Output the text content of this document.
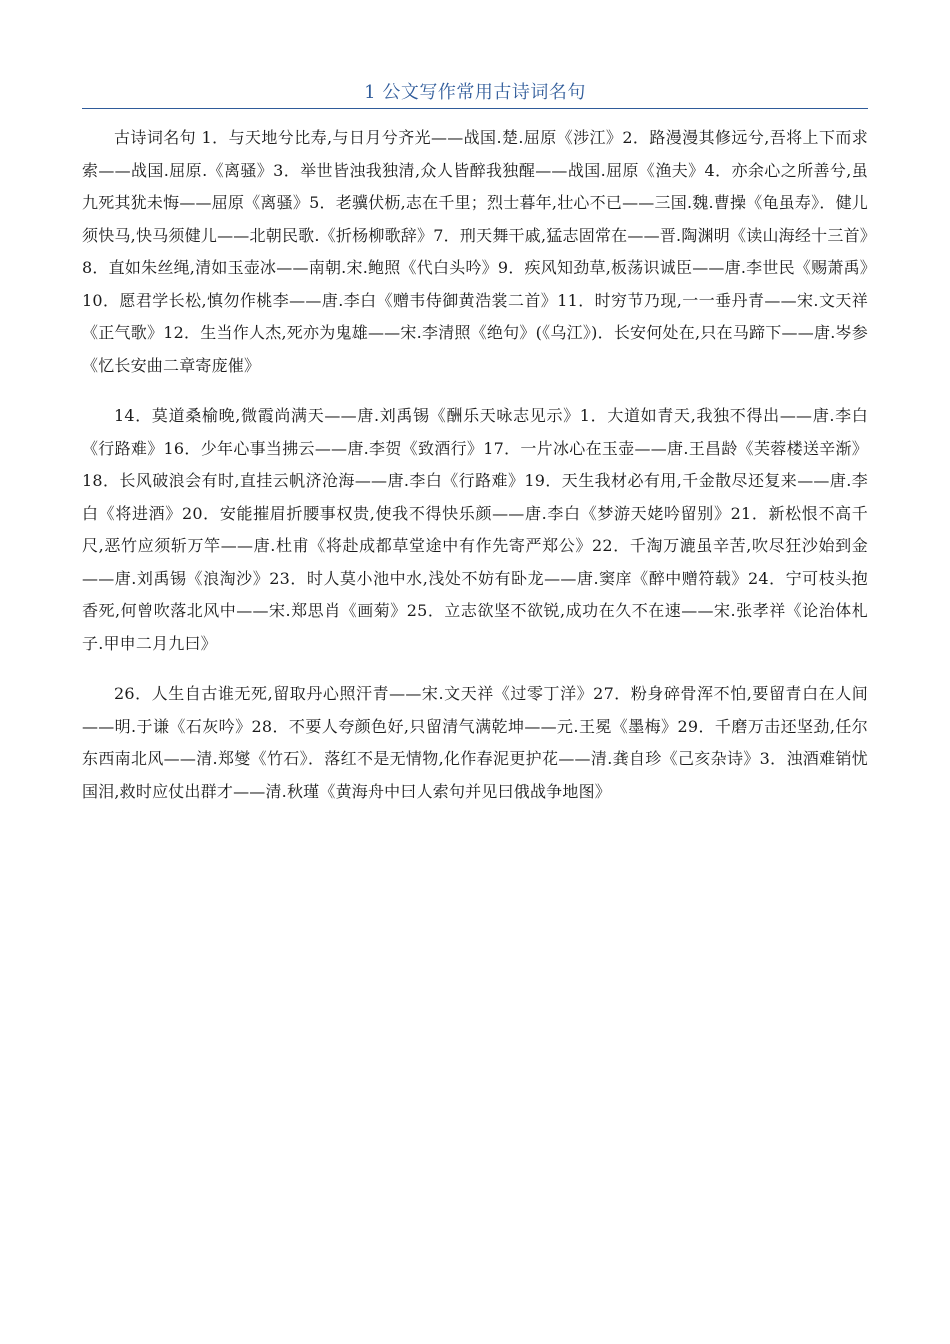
1 公文写作常用古诗词名句

古诗词名句 1．与天地兮比寿,与日月兮齐光——战国.楚.屈原《涉江》2．路漫漫其修远兮,吾将上下而求索——战国.屈原.《离骚》3．举世皆浊我独清,众人皆醉我独醒——战国.屈原《渔夫》4．亦余心之所善兮,虽九死其犹未悔——屈原《离骚》5．老骥伏枥,志在千里；烈士暮年,壮心不已——三国.魏.曹操《龟虽寿》．健儿须快马,快马须健儿——北朝民歌.《折杨柳歌辞》7．刑天舞干戚,猛志固常在——晋.陶渊明《读山海经十三首》8．直如朱丝绳,清如玉壶冰——南朝.宋.鲍照《代白头吟》9．疾风知劲草,板荡识诚臣——唐.李世民《赐萧禹》10．愿君学长松,慎勿作桃李——唐.李白《赠韦侍御黄浩裳二首》11．时穷节乃现,一一垂丹青——宋.文天祥《正气歌》12．生当作人杰,死亦为鬼雄——宋.李清照《绝句》(《乌江》)．长安何处在,只在马蹄下——唐.岑参《忆长安曲二章寄庞催》

14．莫道桑榆晚,微霞尚满天——唐.刘禹锡《酬乐天咏志见示》1．大道如青天,我独不得出——唐.李白《行路难》16．少年心事当拂云——唐.李贺《致酒行》17．一片冰心在玉壶——唐.王昌龄《芙蓉楼送辛渐》18．长风破浪会有时,直挂云帆济沧海——唐.李白《行路难》19．天生我材必有用,千金散尽还复来——唐.李白《将进酒》20．安能摧眉折腰事权贵,使我不得快乐颜——唐.李白《梦游天姥吟留别》21．新松恨不高千尺,恶竹应须斩万竿——唐.杜甫《将赴成都草堂途中有作先寄严郑公》22．千淘万漉虽辛苦,吹尽狂沙始到金——唐.刘禹锡《浪淘沙》23．时人莫小池中水,浅处不妨有卧龙——唐.窦庠《醉中赠符载》24．宁可枝头抱香死,何曾吹落北风中——宋.郑思肖《画菊》25．立志欲坚不欲锐,成功在久不在速——宋.张孝祥《论治体札子.甲申二月九曰》

26．人生自古谁无死,留取丹心照汗青——宋.文天祥《过零丁洋》27．粉身碎骨浑不怕,要留青白在人间——明.于谦《石灰吟》28．不要人夸颜色好,只留清气满乾坤——元.王冕《墨梅》29．千磨万击还坚劲,任尔东西南北风——清.郑燮《竹石》．落红不是无情物,化作春泥更护花——清.龚自珍《己亥杂诗》3．浊酒难销忧国泪,救时应仗出群才——清.秋瑾《黄海舟中曰人索句并见曰俄战争地图》
